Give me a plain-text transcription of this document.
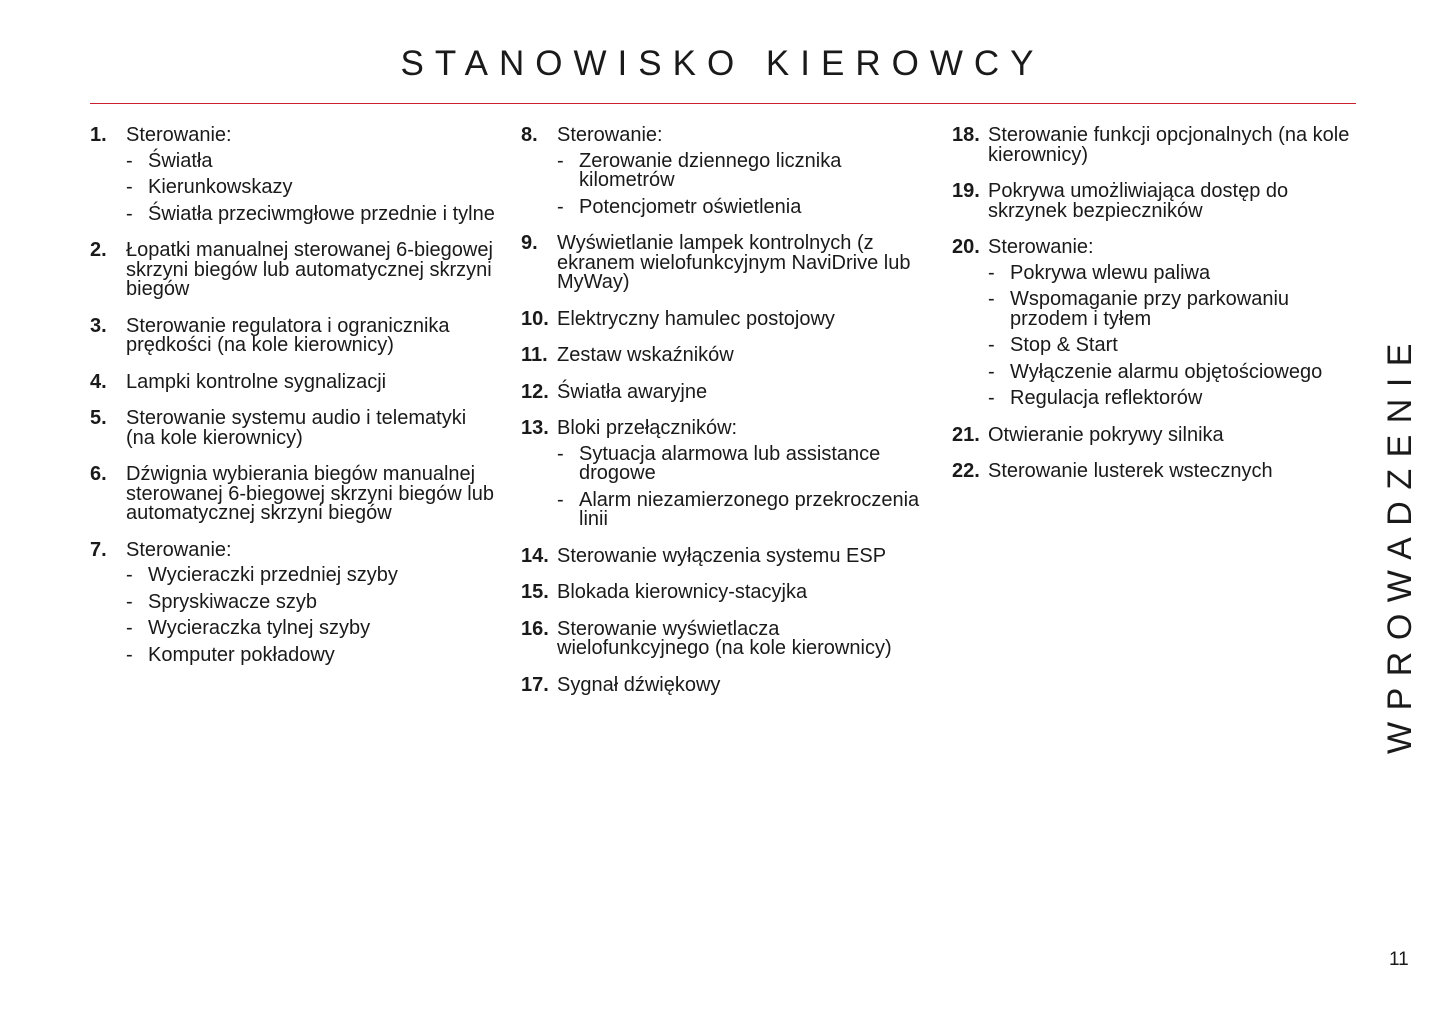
STANOWISKO KIEROWCY
1. Sterowanie:
- Światła
- Kierunkowskazy
- Światła przeciwmgłowe przednie i tylne
2. Łopatki manualnej sterowanej 6-biegowej skrzyni biegów lub automatycznej skrzyni biegów
3. Sterowanie regulatora i ogranicznika prędkości (na kole kierownicy)
4. Lampki kontrolne sygnalizacji
5. Sterowanie systemu audio i telematyki (na kole kierownicy)
6. Dźwignia wybierania biegów manualnej sterowanej 6-biegowej skrzyni biegów lub automatycznej skrzyni biegów
7. Sterowanie:
- Wycieraczki przedniej szyby
- Spryskiwacze szyb
- Wycieraczka tylnej szyby
- Komputer pokładowy
8. Sterowanie:
- Zerowanie dziennego licznika kilometrów
- Potencjometr oświetlenia
9. Wyświetlanie lampek kontrolnych (z ekranem wielofunkcyjnym NaviDrive lub MyWay)
10. Elektryczny hamulec postojowy
11. Zestaw wskaźników
12. Światła awaryjne
13. Bloki przełączników:
- Sytuacja alarmowa lub assistance drogowe
- Alarm niezamierzonego przekroczenia linii
14. Sterowanie wyłączenia systemu ESP
15. Blokada kierownicy-stacyjka
16. Sterowanie wyświetlacza wielofunkcyjnego (na kole kierownicy)
17. Sygnał dźwiękowy
18. Sterowanie funkcji opcjonalnych (na kole kierownicy)
19. Pokrywa umożliwiająca dostęp do skrzynek bezpieczników
20. Sterowanie:
- Pokrywa wlewu paliwa
- Wspomaganie przy parkowaniu przodem i tyłem
- Stop & Start
- Wyłączenie alarmu objętościowego
- Regulacja reflektorów
21. Otwieranie pokrywy silnika
22. Sterowanie lusterek wstecznych	WPROWADZENIE
11
